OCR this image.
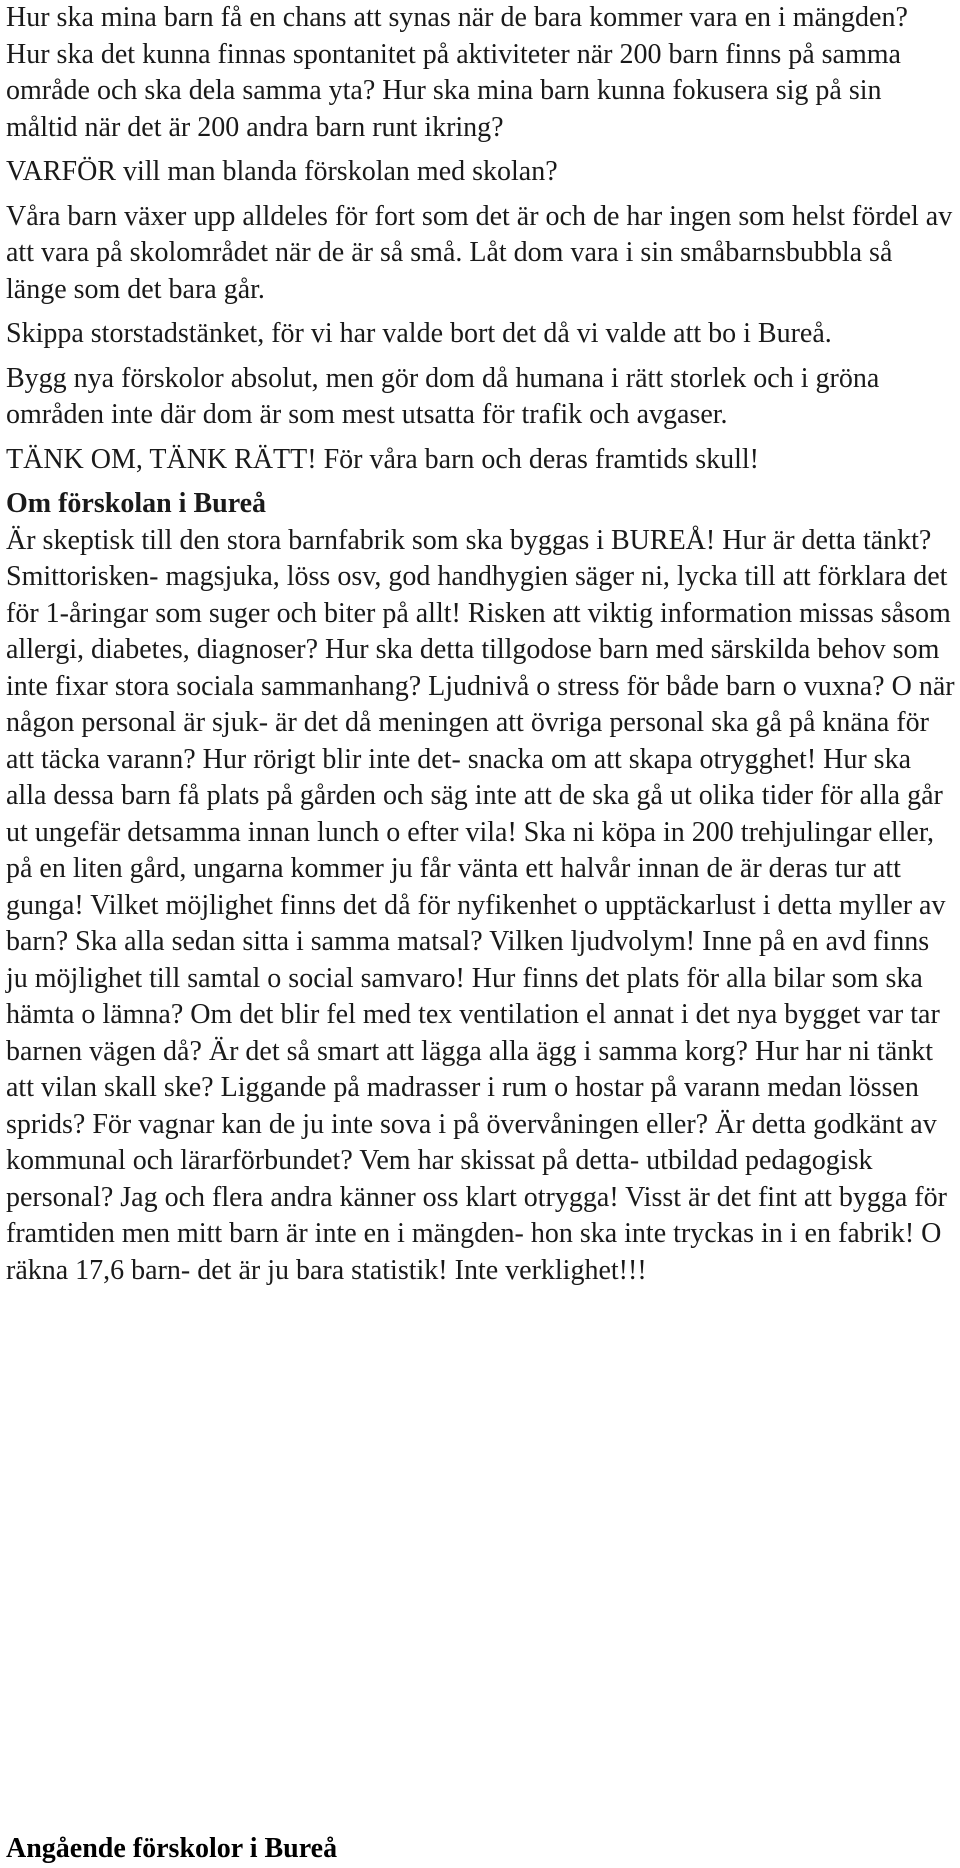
Hur ska mina barn få en chans att synas när de bara kommer vara en i mängden? Hur ska det kunna finnas spontanitet på aktiviteter när 200 barn finns på samma område och ska dela samma yta? Hur ska mina barn kunna fokusera sig på sin måltid när det är 200 andra barn runt ikring?

VARFÖR vill man blanda förskolan med skolan?

Våra barn växer upp alldeles för fort som det är och de har ingen som helst fördel av att vara på skolområdet när de är så små. Låt dom vara i sin småbarnsbubbla så länge som det bara går.

Skippa storstadstänket, för vi har valde bort det då vi valde att bo i Bureå.

Bygg nya förskolor absolut, men gör dom då humana i rätt storlek och i gröna områden inte där dom är som mest utsatta för trafik och avgaser.

TÄNK OM, TÄNK RÄTT! För våra barn och deras framtids skull!

Om förskolan i Bureå

Är skeptisk till den stora barnfabrik som ska byggas i BUREÅ! Hur är detta tänkt? Smittorisken- magsjuka, löss osv, god handhygien säger ni, lycka till att förklara det för 1-åringar som suger och biter på allt! Risken att viktig information missas såsom allergi, diabetes, diagnoser? Hur ska detta tillgodose barn med särskilda behov som inte fixar stora sociala sammanhang? Ljudnivå o stress för både barn o vuxna? O när någon personal är sjuk- är det då meningen att övriga personal ska gå på knäna för att täcka varann? Hur rörigt blir inte det- snacka om att skapa otrygghet! Hur ska alla dessa barn få plats på gården och säg inte att de ska gå ut olika tider för alla går ut ungefär detsamma innan lunch o efter vila! Ska ni köpa in 200 trehjulingar eller, på en liten gård, ungarna kommer ju får vänta ett halvår innan de är deras tur att gunga! Vilket möjlighet finns det då för nyfikenhet o upptäckarlust i detta myller av barn? Ska alla sedan sitta i samma matsal? Vilken ljudvolym! Inne på en avd finns ju möjlighet till samtal o social samvaro! Hur finns det plats för alla bilar som ska hämta o lämna? Om det blir fel med tex ventilation el annat i det nya bygget var tar barnen vägen då? Är det så smart att lägga alla ägg i samma korg? Hur har ni tänkt att vilan skall ske? Liggande på madrasser i rum o hostar på varann medan lössen sprids? För vagnar kan de ju inte sova i på övervåningen eller? Är detta godkänt av kommunal och lärarförbundet? Vem har skissat på detta- utbildad pedagogisk personal? Jag och flera andra känner oss klart otrygga! Visst är det fint att bygga för framtiden men mitt barn är inte en i mängden- hon ska inte tryckas in i en fabrik! O räkna 17,6 barn- det är ju bara statistik! Inte verklighet!!!

Angående förskolor i Bureå
